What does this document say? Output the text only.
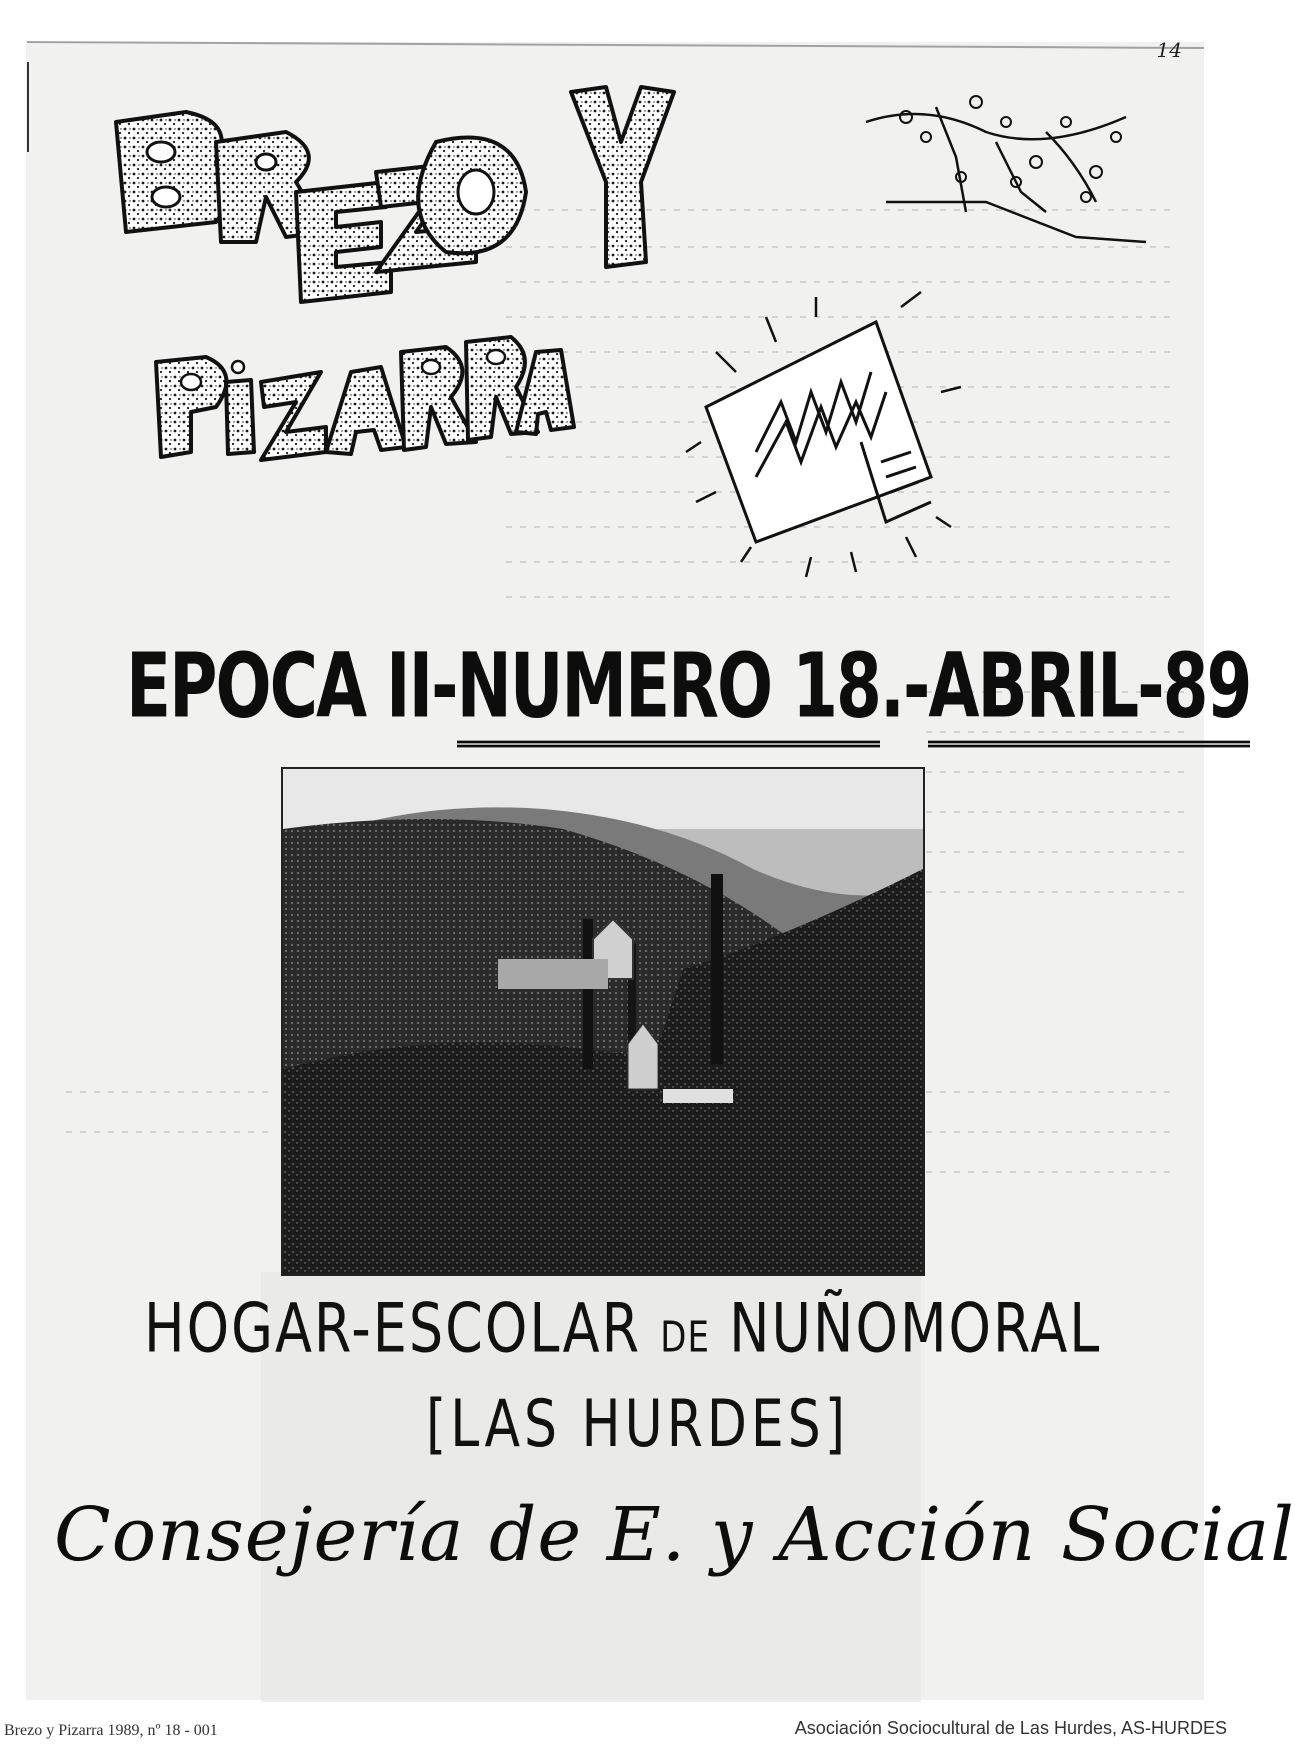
14
EPOCA II-NUMERO 18.-ABRIL-89
HOGAR-ESCOLAR DE NUÑOMORAL
[LAS HURDES]
Consejería de E. y Acción Social
Brezo y Pizarra 1989, nº 18 - 001	Asociación Sociocultural de Las Hurdes, AS-HURDES
